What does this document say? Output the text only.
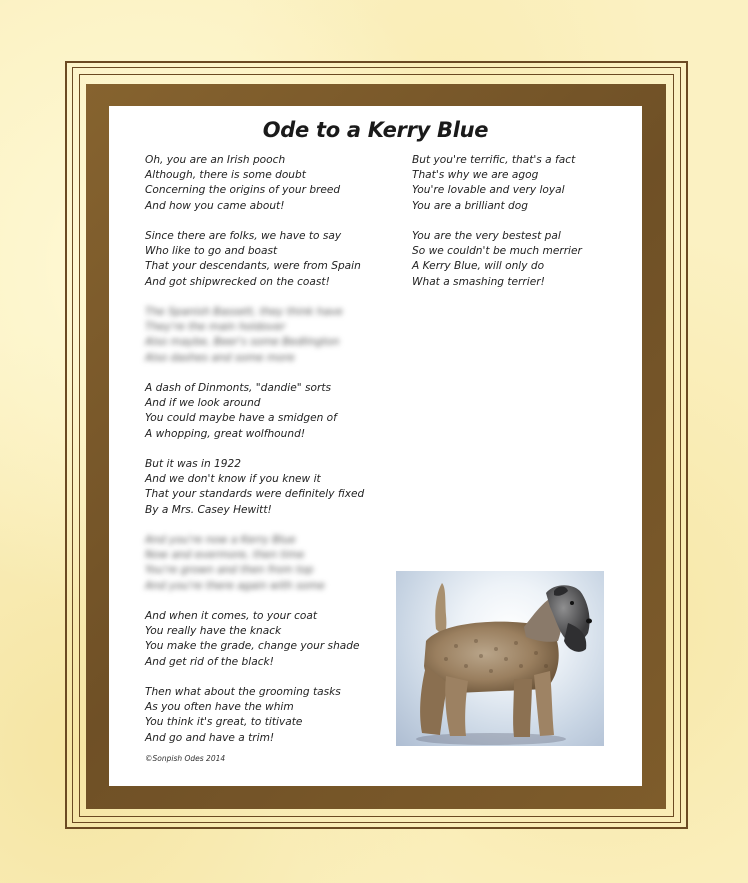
Ode to a Kerry Blue
Oh, you are an Irish pooch
Although, there is some doubt
Concerning the origins of your breed
And how you came about!
Since there are folks, we have to say
Who like to go and boast
That your descendants, were from Spain
And got shipwrecked on the coast!
The Spanish Bassett, they think have
They're the main holdover
Also maybe, Beer's some Bedlington
Also dashes and some more
A dash of Dinmonts, "dandie" sorts
And if we look around
You could maybe have a smidgen of
A whopping, great wolfhound!
But it was in 1922
And we don't know if you knew it
That your standards were definitely fixed
By a Mrs. Casey Hewitt!
And you're now a Kerry Blue
Now and evermore, then time
You're grown and then from top
And you're there again with some
And when it comes, to your coat
You really have the knack
You make the grade, change your shade
And get rid of the black!
Then what about the grooming tasks
As you often have the whim
You think it's great, to titivate
And go and have a trim!
But you're terrific, that's a fact
That's why we are agog
You're lovable and very loyal
You are a brilliant dog
You are the very bestest pal
So we couldn't be much merrier
A Kerry Blue, will only do
What a smashing terrier!
©Sonpish Odes 2014
